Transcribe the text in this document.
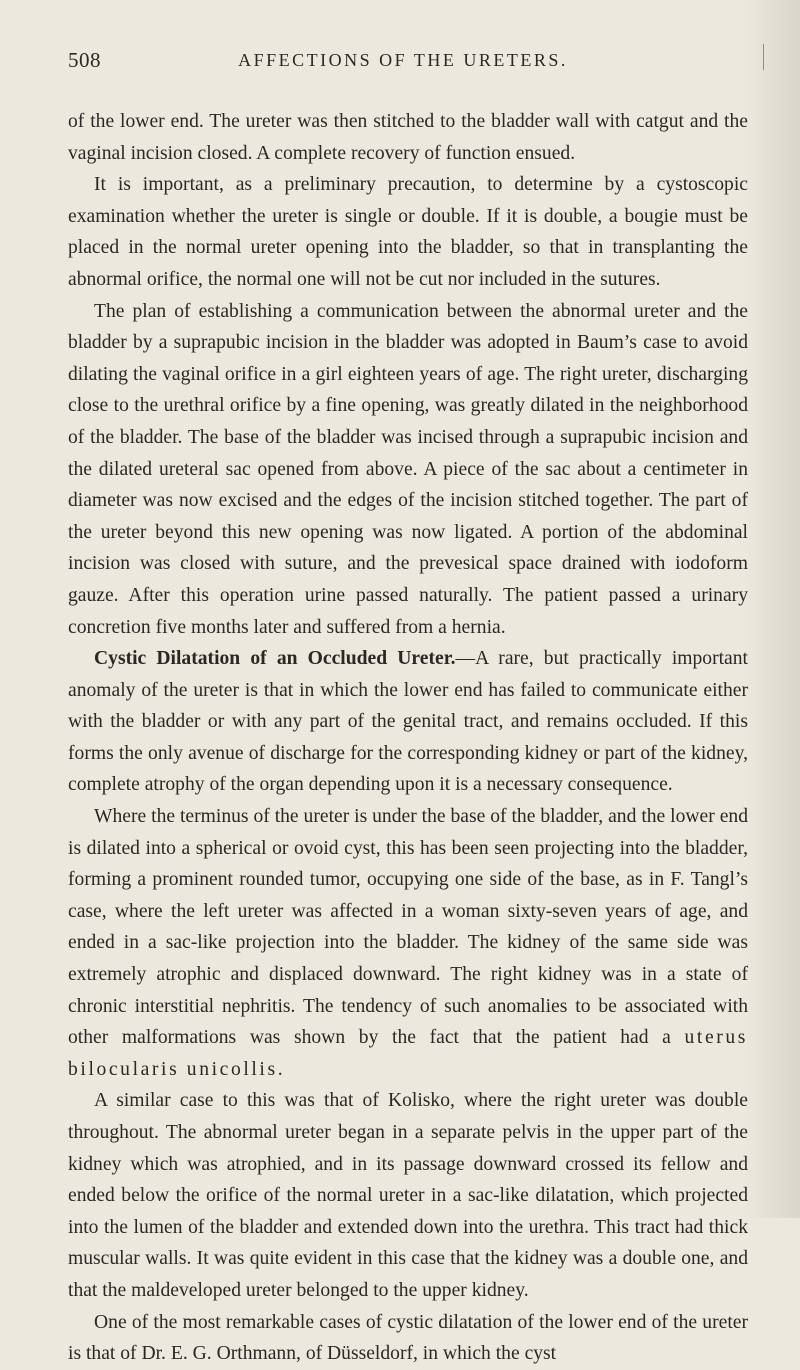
508	AFFECTIONS OF THE URETERS.

of the lower end. The ureter was then stitched to the bladder wall with catgut and the vaginal incision closed. A complete recovery of function ensued.

It is important, as a preliminary precaution, to determine by a cystoscopic examination whether the ureter is single or double. If it is double, a bougie must be placed in the normal ureter opening into the bladder, so that in transplanting the abnormal orifice, the normal one will not be cut nor included in the sutures.

The plan of establishing a communication between the abnormal ureter and the bladder by a suprapubic incision in the bladder was adopted in Baum’s case to avoid dilating the vaginal orifice in a girl eighteen years of age. The right ureter, discharging close to the urethral orifice by a fine opening, was greatly dilated in the neighborhood of the bladder. The base of the bladder was incised through a suprapubic incision and the dilated ureteral sac opened from above. A piece of the sac about a centimeter in diameter was now excised and the edges of the incision stitched together. The part of the ureter beyond this new opening was now ligated. A portion of the abdominal incision was closed with suture, and the prevesical space drained with iodoform gauze. After this operation urine passed naturally. The patient passed a urinary concretion five months later and suffered from a hernia.

Cystic Dilatation of an Occluded Ureter.—A rare, but practically important anomaly of the ureter is that in which the lower end has failed to communicate either with the bladder or with any part of the genital tract, and remains occluded. If this forms the only avenue of discharge for the corresponding kidney or part of the kidney, complete atrophy of the organ depending upon it is a necessary consequence.

Where the terminus of the ureter is under the base of the bladder, and the lower end is dilated into a spherical or ovoid cyst, this has been seen projecting into the bladder, forming a prominent rounded tumor, occupying one side of the base, as in F. Tangl’s case, where the left ureter was affected in a woman sixty-seven years of age, and ended in a sac-like projection into the bladder. The kidney of the same side was extremely atrophic and displaced downward. The right kidney was in a state of chronic interstitial nephritis. The tendency of such anomalies to be associated with other malformations was shown by the fact that the patient had a uterus bilocularis unicollis.

A similar case to this was that of Kolisko, where the right ureter was double throughout. The abnormal ureter began in a separate pelvis in the upper part of the kidney which was atrophied, and in its passage downward crossed its fellow and ended below the orifice of the normal ureter in a sac-like dilatation, which projected into the lumen of the bladder and extended down into the urethra. This tract had thick muscular walls. It was quite evident in this case that the kidney was a double one, and that the maldeveloped ureter belonged to the upper kidney.

One of the most remarkable cases of cystic dilatation of the lower end of the ureter is that of Dr. E. G. Orthmann, of Düsseldorf, in which the cyst
